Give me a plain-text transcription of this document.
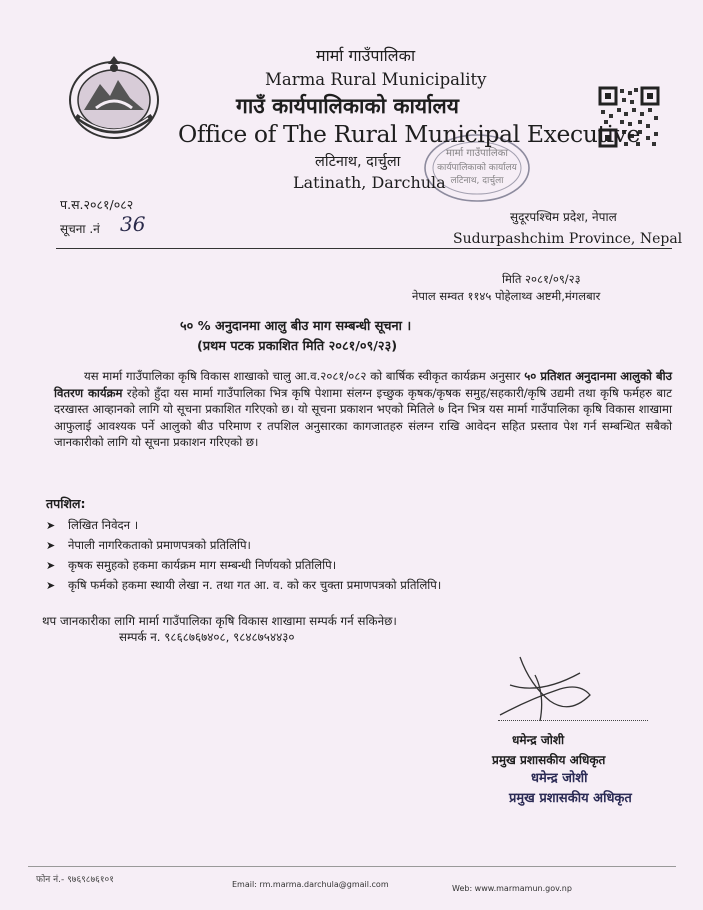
मार्मा गाउँपालिका
कार्यपालिकाको कार्यालय
लटिनाथ, दार्चुला
मार्मा गाउँपालिका
Marma Rural Municipality
गाउँ कार्यपालिकाको कार्यालय
Office of The Rural Municipal Executive
लटिनाथ, दार्चुला
Latinath, Darchula
प.स.२०८१/०८२
सूचना .नं 36	सुदूरपश्चिम प्रदेश, नेपाल
Sudurpashchim Province, Nepal
मिति २०८१/०९/२३
नेपाल सम्वत ११४५ पोहेलाथ्व अष्टमी,मंगलबार
५० % अनुदानमा आलु बीउ माग सम्बन्धी सूचना ।
(प्रथम पटक प्रकाशित मिति २०८१/०९/२३)

यस मार्मा गाउँपालिका कृषि विकास शाखाको चालु आ.व.२०८१/०८२ को बार्षिक स्वीकृत कार्यक्रम अनुसार ५० प्रतिशत अनुदानमा आलुको बीउ वितरण कार्यक्रम रहेको हुँदा यस मार्मा गाउँपालिका भित्र कृषि पेशामा संलग्न इच्छुक कृषक/कृषक समुह/सहकारी/कृषि उद्यमी तथा कृषि फर्महरु बाट दरखास्त आव्हानको लागि यो सूचना प्रकाशित गरिएको छ। यो सूचना प्रकाशन भएको मितिले ७ दिन भित्र यस मार्मा गाउँपालिका कृषि विकास शाखामा आफुलाई आवश्यक पर्ने आलुको बीउ परिमाण र तपशिल अनुसारका कागजातहरु संलग्न राखि आवेदन सहित प्रस्ताव पेश गर्न सम्बन्धित सबैको जानकारीको लागि यो सूचना प्रकाशन गरिएको छ।

तपशिल:
➤	लिखित निवेदन ।
➤	नेपाली नागरिकताको प्रमाणपत्रको प्रतिलिपि।
➤	कृषक समुहको हकमा कार्यक्रम माग सम्बन्धी निर्णयको प्रतिलिपि।
➤	कृषि फर्मको हकमा स्थायी लेखा न. तथा गत आ. व. को कर चुक्ता प्रमाणपत्रको प्रतिलिपि।
थप जानकारीका लागि मार्मा गाउँपालिका कृषि विकास शाखामा सम्पर्क गर्न सकिनेछ।
सम्पर्क न. ९८६८७६७४०८, ९८४८७५४४३०
धमेन्द्र जोशी
प्रमुख प्रशासकीय अधिकृत
धमेन्द्र जोशी
प्रमुख प्रशासकीय अधिकृत
फोन नं.- ९७६९८७६१०१	Email: rm.marma.darchula@gmail.com	Web: www.marmamun.gov.np
